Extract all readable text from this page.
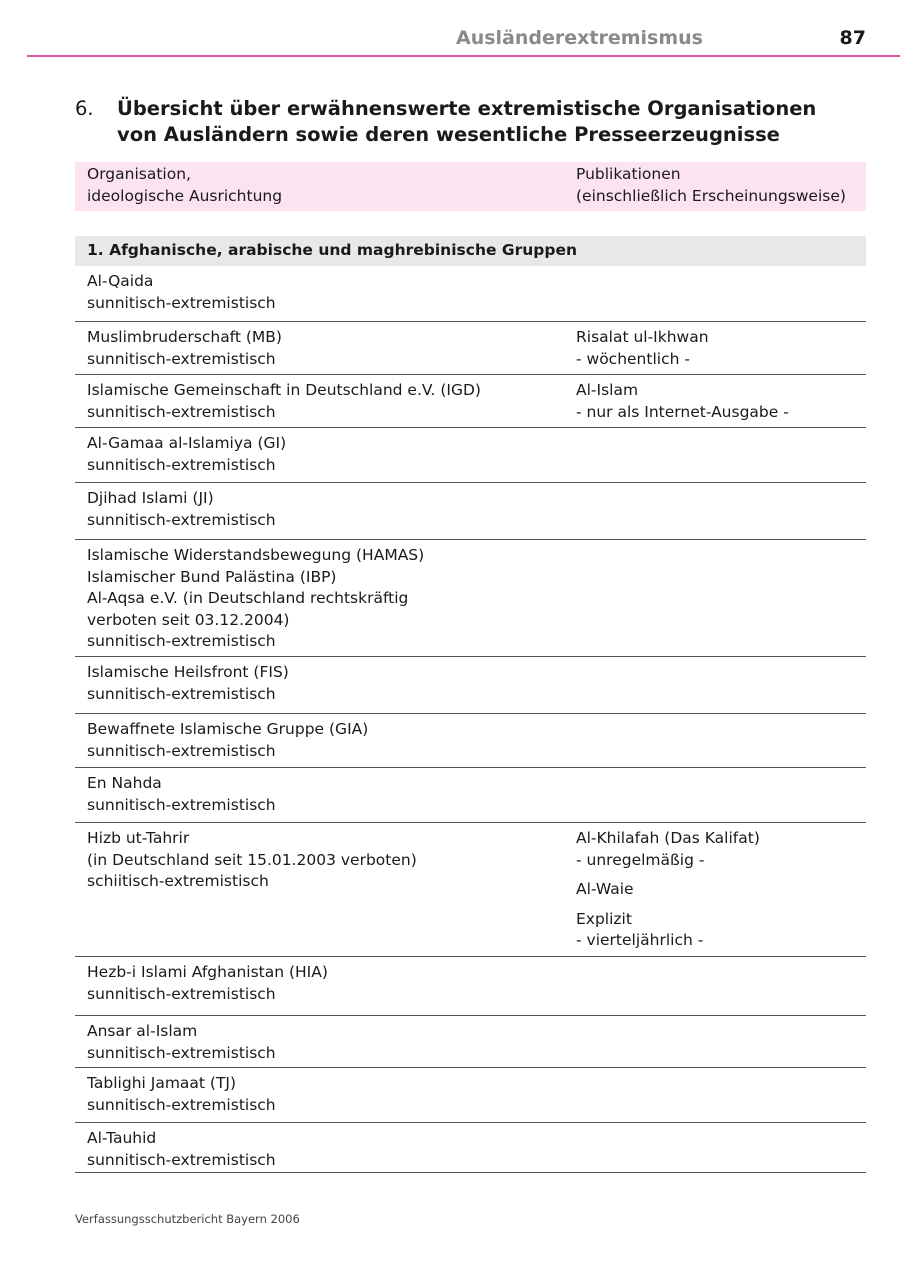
Ausländerextremismus	87
6. Übersicht über erwähnenswerte extremistische Organisationen
von Ausländern sowie deren wesentliche Presseerzeugnisse
Organisation,
ideologische Ausrichtung
Publikationen
(einschließlich Erscheinungsweise)
1. Afghanische, arabische und maghrebinische Gruppen
Al-Qaida
sunnitisch-extremistisch
Muslimbruderschaft (MB)
sunnitisch-extremistisch
Risalat ul-Ikhwan
- wöchentlich -
Islamische Gemeinschaft in Deutschland e.V. (IGD)
sunnitisch-extremistisch
Al-Islam
- nur als Internet-Ausgabe -
Al-Gamaa al-Islamiya (GI)
sunnitisch-extremistisch
Djihad Islami (JI)
sunnitisch-extremistisch
Islamische Widerstandsbewegung (HAMAS)
Islamischer Bund Palästina (IBP)
Al-Aqsa e.V. (in Deutschland rechtskräftig
verboten seit 03.12.2004)
sunnitisch-extremistisch
Islamische Heilsfront (FIS)
sunnitisch-extremistisch
Bewaffnete Islamische Gruppe (GIA)
sunnitisch-extremistisch
En Nahda
sunnitisch-extremistisch
Hizb ut-Tahrir
(in Deutschland seit 15.01.2003 verboten)
schiitisch-extremistisch
Al-Khilafah (Das Kalifat)
- unregelmäßig -
Al-Waie
Explizit
- vierteljährlich -
Hezb-i Islami Afghanistan (HIA)
sunnitisch-extremistisch
Ansar al-Islam
sunnitisch-extremistisch
Tablighi Jamaat (TJ)
sunnitisch-extremistisch
Al-Tauhid
sunnitisch-extremistisch
Verfassungsschutzbericht Bayern 2006
